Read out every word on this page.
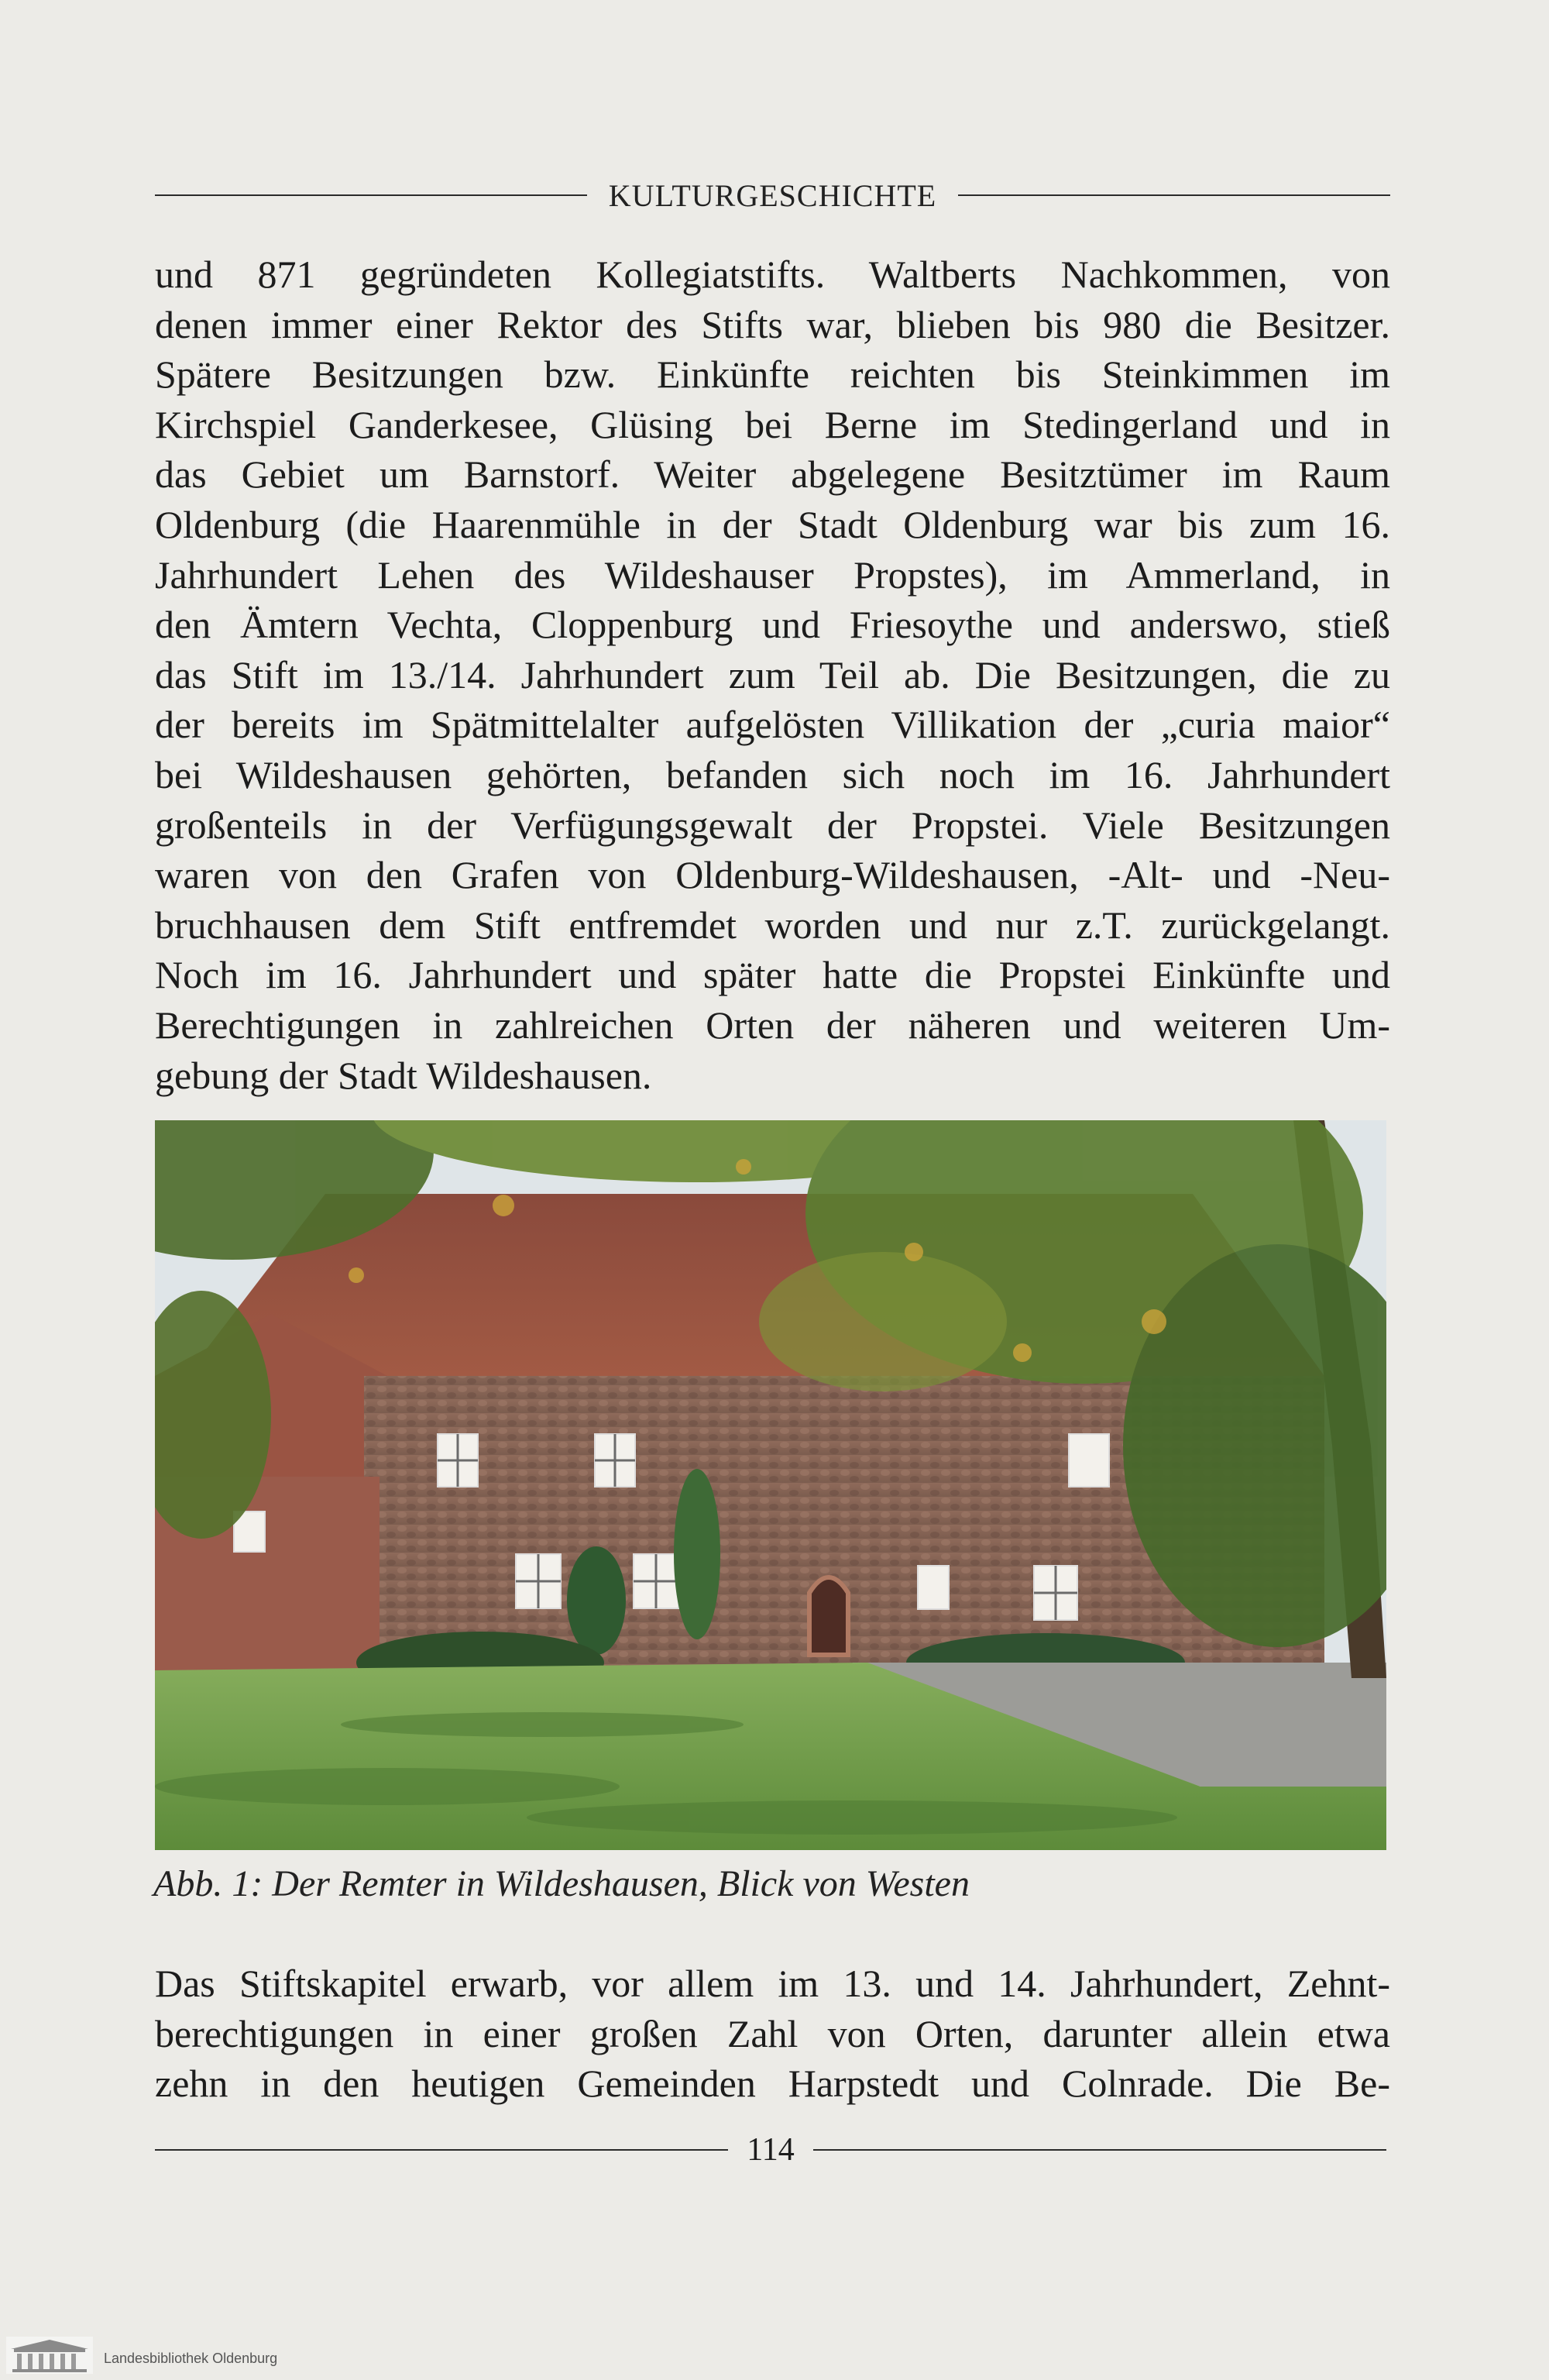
KULTURGESCHICHTE
und 871 gegründeten Kollegiatstifts. Waltberts Nachkommen, von
denen immer einer Rektor des Stifts war, blieben bis 980 die Besitzer.
Spätere Besitzungen bzw. Einkünfte reichten bis Steinkimmen im
Kirchspiel Ganderkesee, Glüsing bei Berne im Stedingerland und in
das Gebiet um Barnstorf. Weiter abgelegene Besitztümer im Raum
Oldenburg (die Haarenmühle in der Stadt Oldenburg war bis zum 16.
Jahrhundert Lehen des Wildeshauser Propstes), im Ammerland, in
den Ämtern Vechta, Cloppenburg und Friesoythe und anderswo, stieß
das Stift im 13./14. Jahrhundert zum Teil ab. Die Besitzungen, die zu
der bereits im Spätmittelalter aufgelösten Villikation der „curia maior“
bei Wildeshausen gehörten, befanden sich noch im 16. Jahrhundert
großenteils in der Verfügungsgewalt der Propstei. Viele Besitzungen
waren von den Grafen von Oldenburg-Wildeshausen, -Alt- und -Neu-
bruchhausen dem Stift entfremdet worden und nur z.T. zurückgelangt.
Noch im 16. Jahrhundert und später hatte die Propstei Einkünfte und
Berechtigungen in zahlreichen Orten der näheren und weiteren Um-
gebung der Stadt Wildeshausen.
Abb. 1: Der Remter in Wildeshausen, Blick von Westen
Das Stiftskapitel erwarb, vor allem im 13. und 14. Jahrhundert, Zehnt-
berechtigungen in einer großen Zahl von Orten, darunter allein etwa
zehn in den heutigen Gemeinden Harpstedt und Colnrade. Die Be-
114
Landesbibliothek Oldenburg
